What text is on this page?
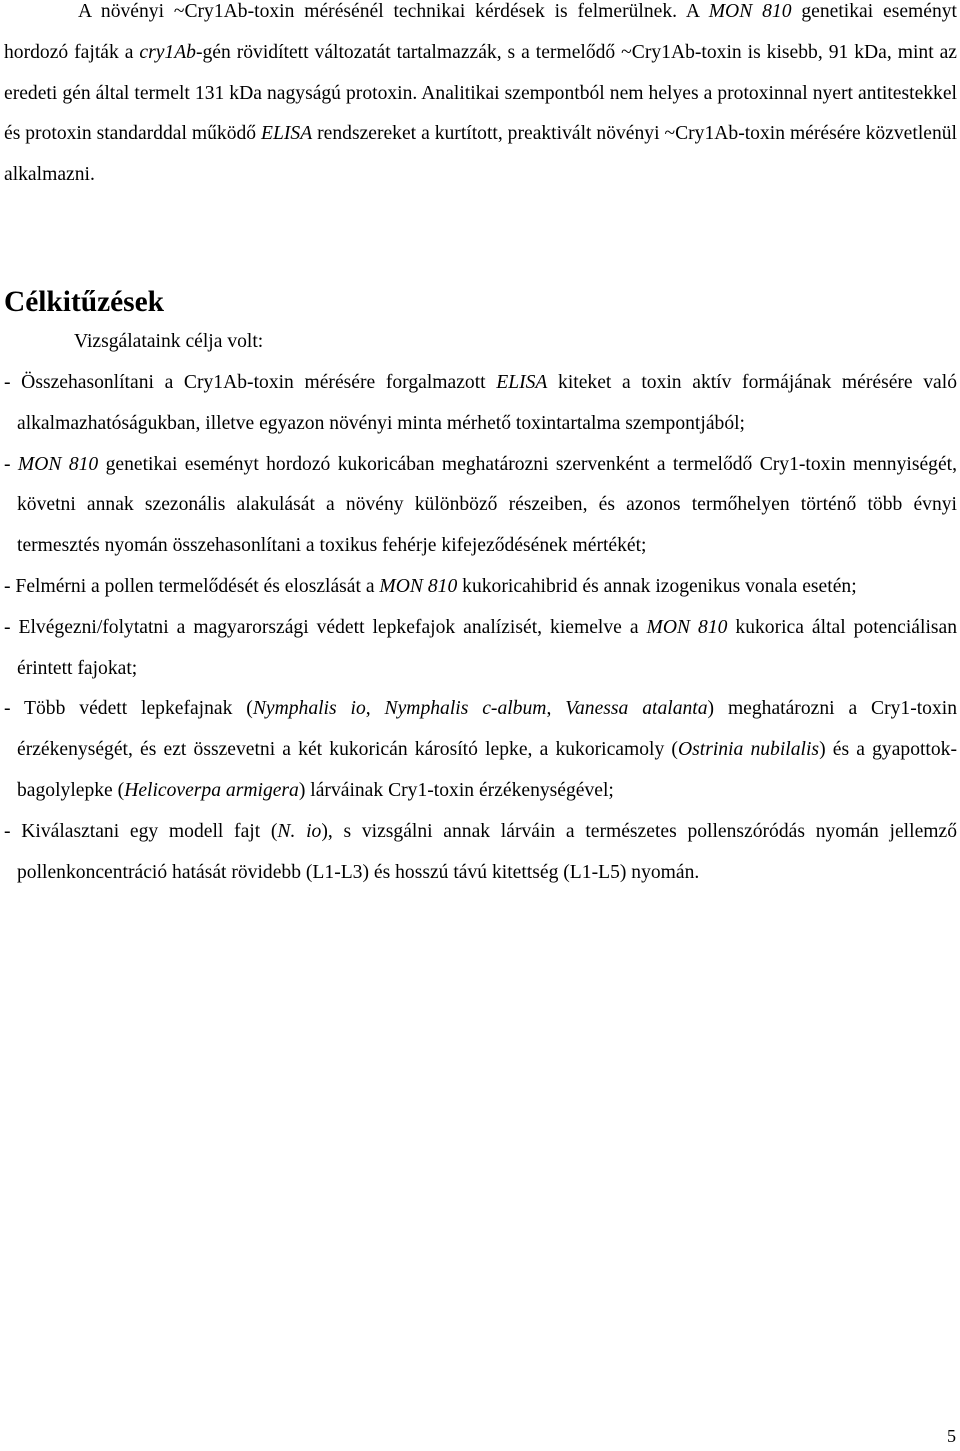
A növényi ~Cry1Ab-toxin mérésénél technikai kérdések is felmerülnek. A MON 810 genetikai eseményt hordozó fajták a cry1Ab-gén rövidített változatát tartalmazzák, s a termelődő ~Cry1Ab-toxin is kisebb, 91 kDa, mint az eredeti gén által termelt 131 kDa nagyságú protoxin. Analitikai szempontból nem helyes a protoxinnal nyert antitestekkel és protoxin standarddal működő ELISA rendszereket a kurtított, preaktivált növényi ~Cry1Ab-toxin mérésére közvetlenül alkalmazni.

Célkitűzések

Vizsgálataink célja volt:

- Összehasonlítani a Cry1Ab-toxin mérésére forgalmazott ELISA kiteket a toxin aktív formájának mérésére való alkalmazhatóságukban, illetve egyazon növényi minta mérhető toxintartalma szempontjából;
- MON 810 genetikai eseményt hordozó kukoricában meghatározni szervenként a termelődő Cry1-toxin mennyiségét, követni annak szezonális alakulását a növény különböző részeiben, és azonos termőhelyen történő több évnyi termesztés nyomán összehasonlítani a toxikus fehérje kifejeződésének mértékét;
- Felmérni a pollen termelődését és eloszlását a MON 810 kukoricahibrid és annak izogenikus vonala esetén;
- Elvégezni/folytatni a magyarországi védett lepkefajok analízisét, kiemelve a MON 810 kukorica által potenciálisan érintett fajokat;
- Több védett lepkefajnak (Nymphalis io, Nymphalis c-album, Vanessa atalanta) meghatározni a Cry1-toxin érzékenységét, és ezt összevetni a két kukoricán károsító lepke, a kukoricamoly (Ostrinia nubilalis) és a gyapottok-bagolylepke (Helicoverpa armigera) lárváinak Cry1-toxin érzékenységével;
- Kiválasztani egy modell fajt (N. io), s vizsgálni annak lárváin a természetes pollenszóródás nyomán jellemző pollenkoncentráció hatását rövidebb (L1-L3) és hosszú távú kitettség (L1-L5) nyomán.
5
